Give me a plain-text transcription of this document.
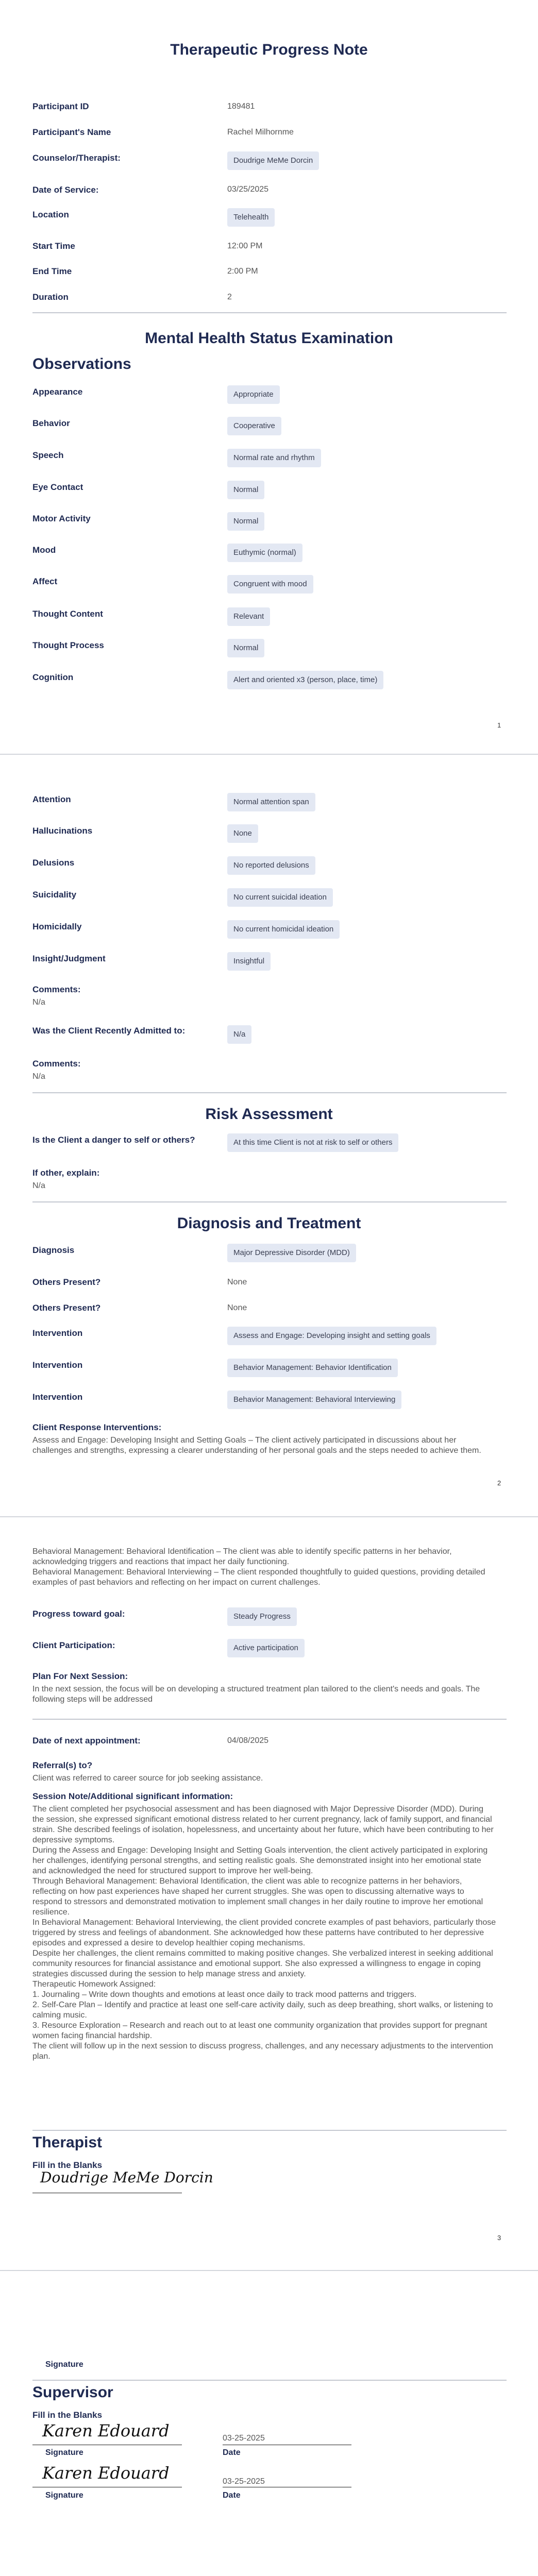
Therapeutic Progress Note
Participant ID	189481
Participant's Name	Rachel Milhornme
Counselor/Therapist:	Doudrige MeMe Dorcin
Date of Service:	03/25/2025
Location	Telehealth
Start Time	12:00 PM
End Time	2:00 PM
Duration	2
Mental Health Status Examination
Observations
Appearance	Appropriate
Behavior	Cooperative
Speech	Normal rate and rhythm
Eye Contact	Normal
Motor Activity	Normal
Mood	Euthymic (normal)
Affect	Congruent with mood
Thought Content	Relevant
Thought Process	Normal
Cognition	Alert and oriented x3 (person, place, time)
1
Attention	Normal attention span
Hallucinations	None
Delusions	No reported delusions
Suicidality	No current suicidal ideation
Homicidally	No current homicidal ideation
Insight/Judgment	Insightful
Comments:
N/a
Was the Client Recently Admitted to:	N/a
Comments:
N/a
Risk Assessment
Is the Client a danger to self or others?	At this time Client is not at risk to self or others
If other, explain:
N/a
Diagnosis and Treatment
Diagnosis	Major Depressive Disorder (MDD)
Others Present?	None
Others Present?	None
Intervention	Assess and Engage: Developing insight and setting goals
Intervention	Behavior Management: Behavior Identification
Intervention	Behavior Management: Behavioral Interviewing
Client Response Interventions:
Assess and Engage: Developing Insight and Setting Goals – The client actively participated in discussions about her challenges and strengths, expressing a clearer understanding of her personal goals and the steps needed to achieve them.
2
Behavioral Management: Behavioral Identification – The client was able to identify specific patterns in her behavior, acknowledging triggers and reactions that impact her daily functioning.
Behavioral Management: Behavioral Interviewing – The client responded thoughtfully to guided questions, providing detailed examples of past behaviors and reflecting on her impact on current challenges.
Progress toward goal:	Steady Progress
Client Participation:	Active participation
Plan For Next Session:
In the next session, the focus will be on developing a structured treatment plan tailored to the client's needs and goals. The following steps will be addressed
Date of next appointment:	04/08/2025
Referral(s) to?
Client was referred to career source for job seeking assistance.
Session Note/Additional significant information:
The client completed her psychosocial assessment and has been diagnosed with Major Depressive Disorder (MDD). During the session, she expressed significant emotional distress related to her current pregnancy, lack of family support, and financial strain. She described feelings of isolation, hopelessness, and uncertainty about her future, which have been contributing to her depressive symptoms.
During the Assess and Engage: Developing Insight and Setting Goals intervention, the client actively participated in exploring her challenges, identifying personal strengths, and setting realistic goals. She demonstrated insight into her emotional state and acknowledged the need for structured support to improve her well-being.
Through Behavioral Management: Behavioral Identification, the client was able to recognize patterns in her behaviors, reflecting on how past experiences have shaped her current struggles. She was open to discussing alternative ways to respond to stressors and demonstrated motivation to implement small changes in her daily routine to improve her emotional resilience.
In Behavioral Management: Behavioral Interviewing, the client provided concrete examples of past behaviors, particularly those triggered by stress and feelings of abandonment. She acknowledged how these patterns have contributed to her depressive episodes and expressed a desire to develop healthier coping mechanisms.
Despite her challenges, the client remains committed to making positive changes. She verbalized interest in seeking additional community resources for financial assistance and emotional support. She also expressed a willingness to engage in coping strategies discussed during the session to help manage stress and anxiety.
Therapeutic Homework Assigned:
1. Journaling – Write down thoughts and emotions at least once daily to track mood patterns and triggers.
2. Self-Care Plan – Identify and practice at least one self-care activity daily, such as deep breathing, short walks, or listening to calming music.
3. Resource Exploration – Research and reach out to at least one community organization that provides support for pregnant women facing financial hardship.
The client will follow up in the next session to discuss progress, challenges, and any necessary adjustments to the intervention plan.
Therapist
Fill in the Blanks
Doudrige MeMe Dorcin
3
Signature
Supervisor
Fill in the Blanks
Karen Edouard
Signature
03-25-2025
Date
Karen Edouard
Signature
03-25-2025
Date
